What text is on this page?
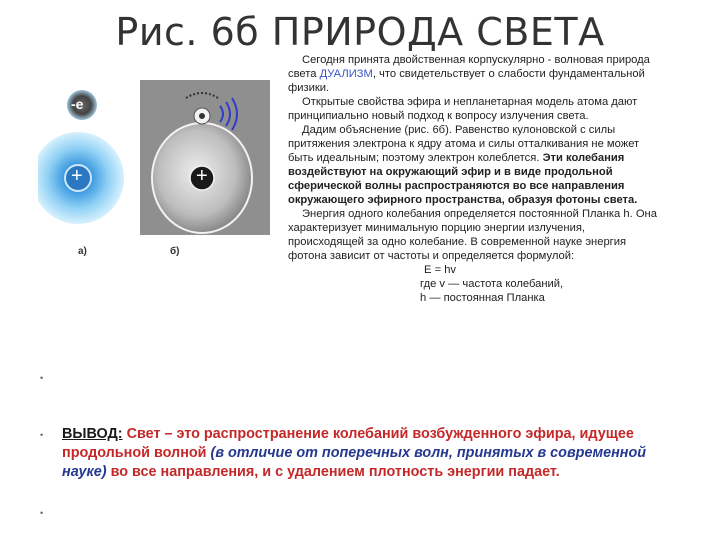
Рис. 6б ПРИРОДА СВЕТА
-e
+
а)
+
б)

Сегодня принята двойственная корпускулярно - волновая природа света ДУАЛИЗМ, что свидетельствует о слабости фундаментальной физики.

Открытые свойства эфира и непланетарная модель атома дают принципиально новый подход к вопросу излучения света.

Дадим объяснение (рис. 6б). Равенство кулоновской с силы притяжения электрона к ядру атома и силы отталкивания не может быть идеальным; поэтому электрон колеблется. Эти колебания воздействуют на окружающий эфир и в виде продольной сферической волны распространяются во все направления окружающего эфирного пространства, образуя фотоны света.

Энергия одного колебания определяется постоянной Планка h. Она характеризует минимальную порцию энергии излучения, происходящей за одно колебание. В современной науке энергия фотона зависит от частоты и определяется формулой:

E = hv

где v — частота колебаний,

h — постоянная Планка

•
•
•
ВЫВОД: Свет – это распространение колебаний возбужденного эфира, идущее продольной волной (в отличие от поперечных волн, принятых в современной науке) во все направления, и с удалением плотность энергии падает.
